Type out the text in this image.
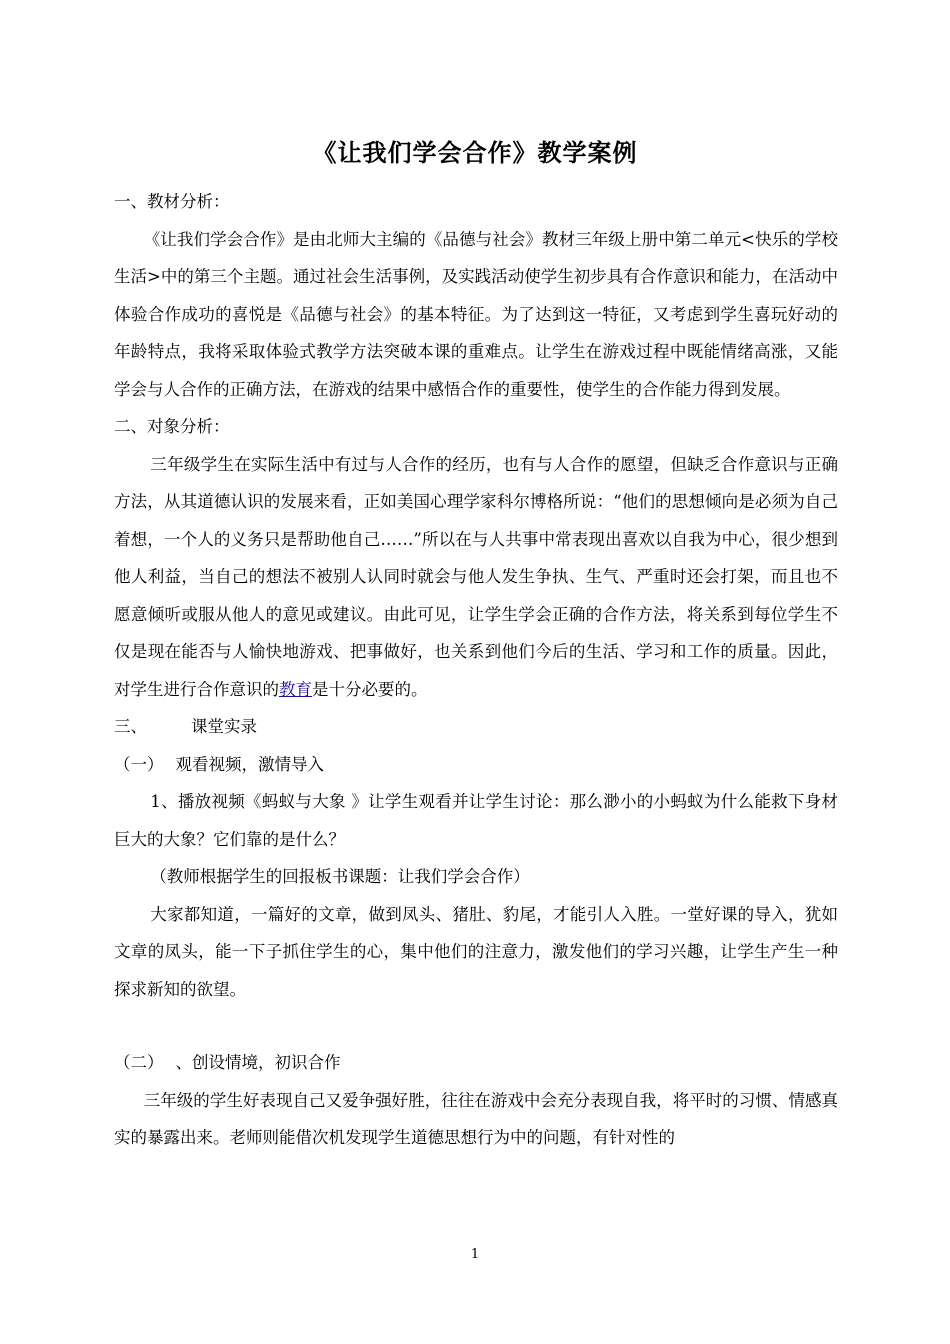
《让我们学会合作》教学案例

一、教材分析：

《让我们学会合作》是由北师大主编的《品德与社会》教材三年级上册中第二单元<快乐的学校生活>中的第三个主题。通过社会生活事例，及实践活动使学生初步具有合作意识和能力，在活动中体验合作成功的喜悦是《品德与社会》的基本特征。为了达到这一特征，又考虑到学生喜玩好动的年龄特点，我将采取体验式教学方法突破本课的重难点。让学生在游戏过程中既能情绪高涨，又能学会与人合作的正确方法，在游戏的结果中感悟合作的重要性，使学生的合作能力得到发展。

二、对象分析：

三年级学生在实际生活中有过与人合作的经历，也有与人合作的愿望，但缺乏合作意识与正确方法，从其道德认识的发展来看，正如美国心理学家科尔博格所说：“他们的思想倾向是必须为自己着想，一个人的义务只是帮助他自己……”所以在与人共事中常表现出喜欢以自我为中心，很少想到他人利益，当自己的想法不被别人认同时就会与他人发生争执、生气、严重时还会打架，而且也不愿意倾听或服从他人的意见或建议。由此可见，让学生学会正确的合作方法，将关系到每位学生不仅是现在能否与人愉快地游戏、把事做好，也关系到他们今后的生活、学习和工作的质量。因此，对学生进行合作意识的教育是十分必要的。

三、	课堂实录

（一） 观看视频，激情导入

1、播放视频《蚂蚁与大象 》让学生观看并让学生讨论：那么渺小的小蚂蚁为什么能救下身材巨大的大象？它们靠的是什么？

（教师根据学生的回报板书课题：让我们学会合作）

大家都知道，一篇好的文章，做到凤头、猪肚、豹尾，才能引人入胜。一堂好课的导入，犹如文章的凤头，能一下子抓住学生的心，集中他们的注意力，激发他们的学习兴趣，让学生产生一种探求新知的欲望。

（二） 、创设情境，初识合作

三年级的学生好表现自己又爱争强好胜，往往在游戏中会充分表现自我，将平时的习惯、情感真实的暴露出来。老师则能借次机发现学生道德思想行为中的问题，有针对性的

1
